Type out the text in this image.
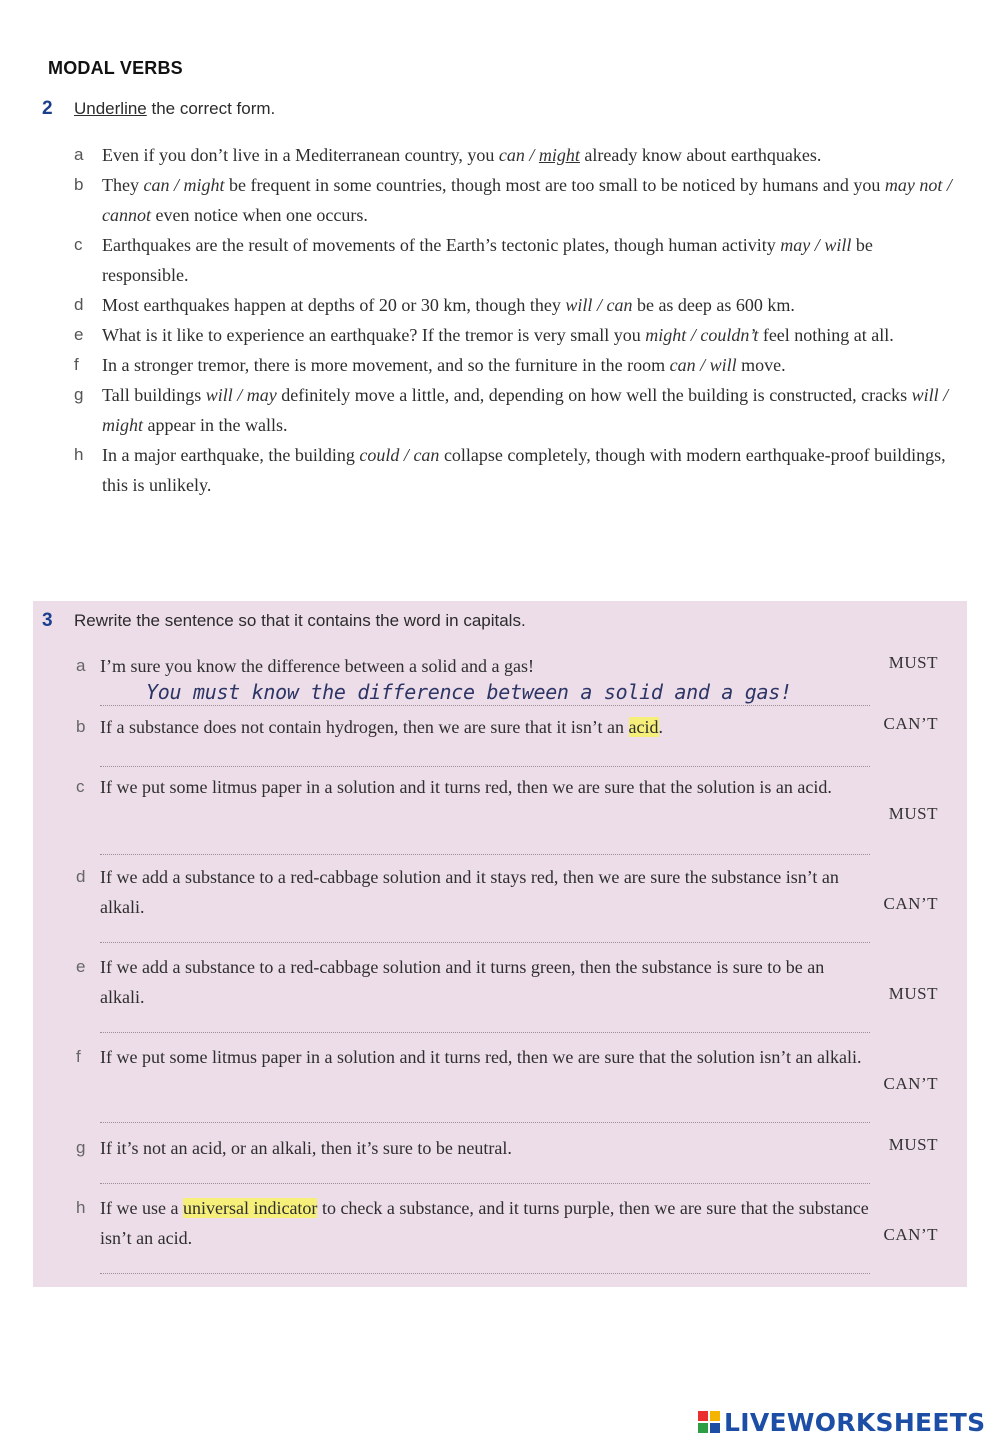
MODAL VERBS
2 Underline the correct form.
a Even if you don’t live in a Mediterranean country, you can / might already know about earthquakes.
b They can / might be frequent in some countries, though most are too small to be noticed by humans and you may not / cannot even notice when one occurs.
c Earthquakes are the result of movements of the Earth’s tectonic plates, though human activity may / will be responsible.
d Most earthquakes happen at depths of 20 or 30 km, though they will / can be as deep as 600 km.
e What is it like to experience an earthquake? If the tremor is very small you might / couldn’t feel nothing at all.
f In a stronger tremor, there is more movement, and so the furniture in the room can / will move.
g Tall buildings will / may definitely move a little, and, depending on how well the building is constructed, cracks will / might appear in the walls.
h In a major earthquake, the building could / can collapse completely, though with modern earthquake-proof buildings, this is unlikely.
3 Rewrite the sentence so that it contains the word in capitals.
a I’m sure you know the difference between a solid and a gas!	MUST
You must know the difference between a solid and a gas!
b If a substance does not contain hydrogen, then we are sure that it isn’t an acid.	CAN’T
c If we put some litmus paper in a solution and it turns red, then we are sure that the solution is an acid.
MUST
d If we add a substance to a red-cabbage solution and it stays red, then we are sure the substance isn’t an alkali.	CAN’T
e If we add a substance to a red-cabbage solution and it turns green, then the substance is sure to be an alkali.	MUST
f If we put some litmus paper in a solution and it turns red, then we are sure that the solution isn’t an alkali.
CAN’T
g If it’s not an acid, or an alkali, then it’s sure to be neutral.	MUST
h If we use a universal indicator to check a substance, and it turns purple, then we are sure that the substance isn’t an acid.	CAN’T
LIVEWORKSHEETS
